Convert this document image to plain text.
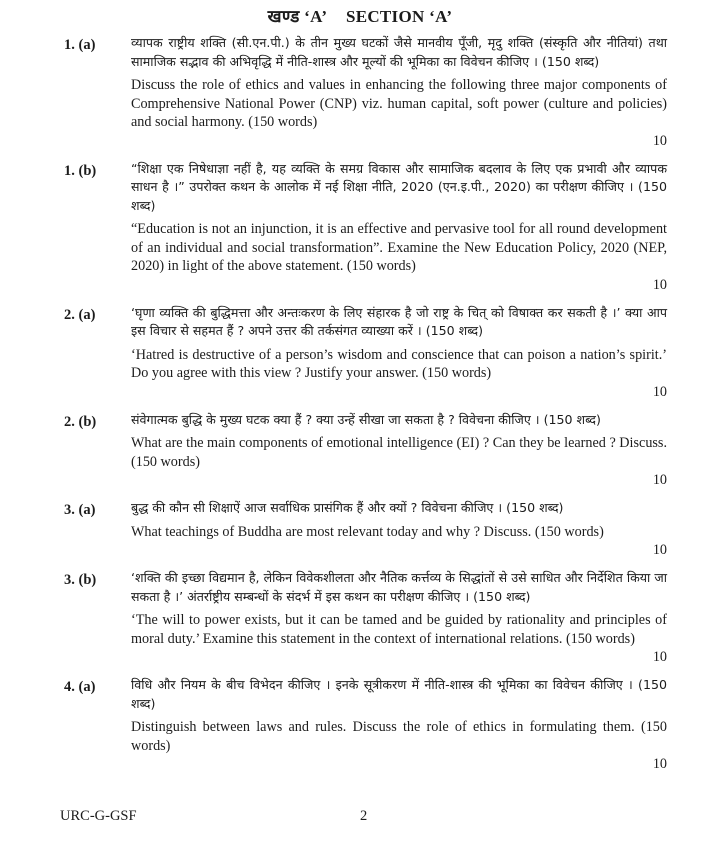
खण्ड ‘A’ SECTION ‘A’
1. (a)	व्यापक राष्ट्रीय शक्ति (सी.एन.पी.) के तीन मुख्य घटकों जैसे मानवीय पूँजी, मृदु शक्ति (संस्कृति और नीतियां) तथा सामाजिक सद्भाव की अभिवृद्धि में नीति-शास्त्र और मूल्यों की भूमिका का विवेचन कीजिए । (150 शब्द)

Discuss the role of ethics and values in enhancing the following three major components of Comprehensive National Power (CNP) viz. human capital, soft power (culture and policies) and social harmony. (150 words)

10
1. (b)	“शिक्षा एक निषेधाज्ञा नहीं है, यह व्यक्ति के समग्र विकास और सामाजिक बदलाव के लिए एक प्रभावी और व्यापक साधन है ।” उपरोक्त कथन के आलोक में नई शिक्षा नीति, 2020 (एन.इ.पी., 2020) का परीक्षण कीजिए । (150 शब्द)

“Education is not an injunction, it is an effective and pervasive tool for all round development of an individual and social transformation”. Examine the New Education Policy, 2020 (NEP, 2020) in light of the above statement. (150 words)

10
2. (a)	‘घृणा व्यक्ति की बुद्धिमत्ता और अन्तःकरण के लिए संहारक है जो राष्ट्र के चित् को विषाक्त कर सकती है ।’ क्या आप इस विचार से सहमत हैं ? अपने उत्तर की तर्कसंगत व्याख्या करें । (150 शब्द)

‘Hatred is destructive of a person’s wisdom and conscience that can poison a nation’s spirit.’ Do you agree with this view ? Justify your answer. (150 words)

10
2. (b)	संवेगात्मक बुद्धि के मुख्य घटक क्या हैं ? क्या उन्हें सीखा जा सकता है ? विवेचना कीजिए । (150 शब्द)

What are the main components of emotional intelligence (EI) ? Can they be learned ? Discuss. (150 words)

10
3. (a)	बुद्ध की कौन सी शिक्षाऐं आज सर्वाधिक प्रासंगिक हैं और क्यों ? विवेचना कीजिए । (150 शब्द)

What teachings of Buddha are most relevant today and why ? Discuss. (150 words)

10
3. (b)	‘शक्ति की इच्छा विद्यमान है, लेकिन विवेकशीलता और नैतिक कर्त्तव्य के सिद्धांतों से उसे साधित और निर्देशित किया जा सकता है ।’ अंतर्राष्ट्रीय सम्बन्धों के संदर्भ में इस कथन का परीक्षण कीजिए । (150 शब्द)

‘The will to power exists, but it can be tamed and be guided by rationality and principles of moral duty.’ Examine this statement in the context of international relations. (150 words)

10
4. (a)	विधि और नियम के बीच विभेदन कीजिए । इनके सूत्रीकरण में नीति-शास्त्र की भूमिका का विवेचन कीजिए । (150 शब्द)

Distinguish between laws and rules. Discuss the role of ethics in formulating them. (150 words)

10
URC-G-GSF	2
